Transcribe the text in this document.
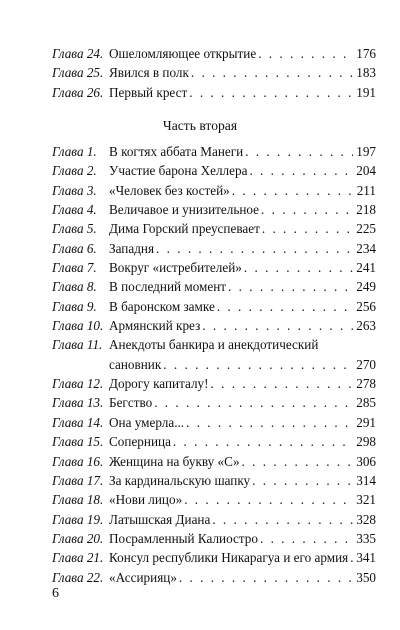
Глава 24. Ошеломляющее открытие . . .	176
Глава 25. Явился в полк . . .	183
Глава 26. Первый крест . . .	191
Часть вторая
Глава 1. В когтях аббата Манеги . . .	197
Глава 2. Участие барона Хеллера . . .	204
Глава 3. «Человек без костей» . . .	211
Глава 4. Величавое и унизительное . . .	218
Глава 5. Дима Горский преуспевает . . .	225
Глава 6. Западня . . .	234
Глава 7. Вокруг «истребителей» . . .	241
Глава 8. В последний момент . . .	249
Глава 9. В баронском замке . . .	256
Глава 10. Армянский крез . . .	263
Глава 11. Анекдоты банкира и анекдотический
сановник . . .	270
Глава 12. Дорогу капиталу! . . .	278
Глава 13. Бегство . . .	285
Глава 14. Она умерла... . . .	291
Глава 15. Соперница . . .	298
Глава 16. Женщина на букву «С» . . .	306
Глава 17. За кардинальскую шапку . . .	314
Глава 18. «Нови лицо» . . .	321
Глава 19. Латышская Диана . . .	328
Глава 20. Посрамленный Калиостро . . .	335
Глава 21. Консул республики Никарагуа и его армия . . . 341
Глава 22. «Ассирияц» . . .	350
6
